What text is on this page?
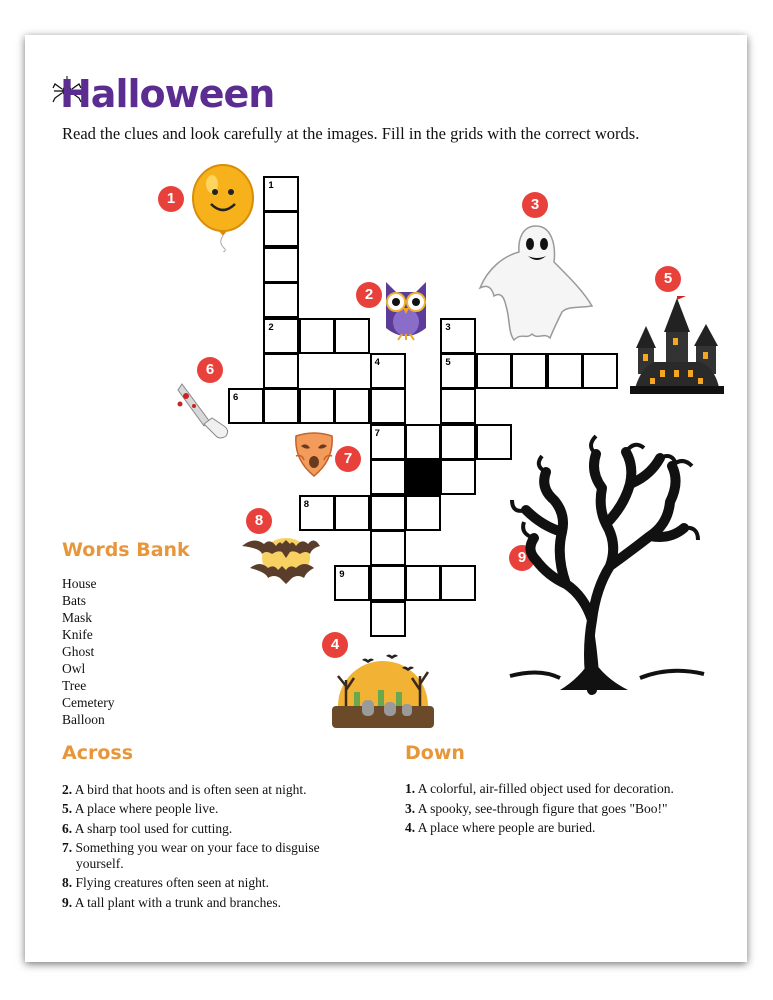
Halloween
Read the clues and look carefully at the images. Fill in the grids with the correct words.
1
2	3
4	5
6
7
8
9
1
2
3
4
5
6
7
8
9
Words Bank
House
Bats
Mask
Knife
Ghost
Owl
Tree
Cemetery
Balloon
Across
2. A bird that hoots and is often seen at night.
5. A place where people live.
6. A sharp tool used for cutting.
7. Something you wear on your face to disguise
yourself.
8. Flying creatures often seen at night.
9. A tall plant with a trunk and branches.
Down
1. A colorful, air-filled object used for decoration.
3. A spooky, see-through figure that goes "Boo!"
4. A place where people are buried.
